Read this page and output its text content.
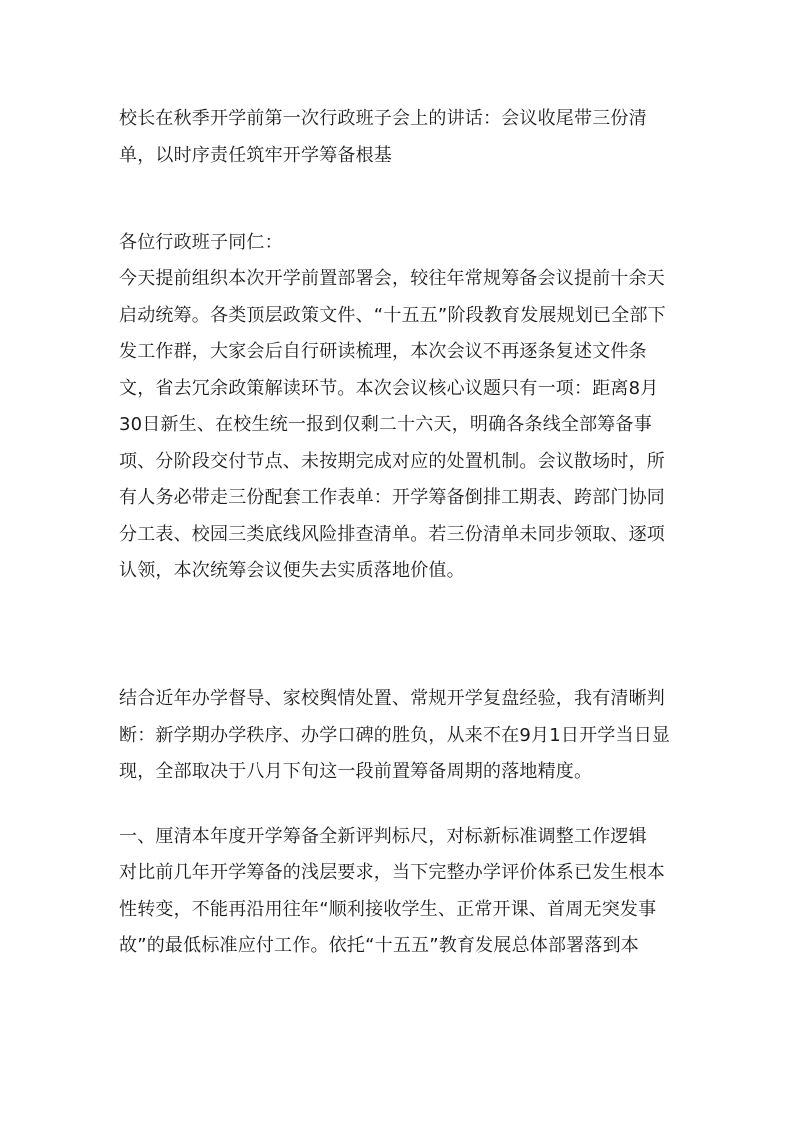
校长在秋季开学前第一次行政班子会上的讲话：会议收尾带三份清单，以时序责任筑牢开学筹备根基

各位行政班子同仁：

今天提前组织本次开学前置部署会，较往年常规筹备会议提前十余天启动统筹。各类顶层政策文件、“十五五”阶段教育发展规划已全部下发工作群，大家会后自行研读梳理，本次会议不再逐条复述文件条文，省去冗余政策解读环节。本次会议核心议题只有一项：距离8月30日新生、在校生统一报到仅剩二十六天，明确各条线全部筹备事项、分阶段交付节点、未按期完成对应的处置机制。会议散场时，所有人务必带走三份配套工作表单：开学筹备倒排工期表、跨部门协同分工表、校园三类底线风险排查清单。若三份清单未同步领取、逐项认领，本次统筹会议便失去实质落地价值。

结合近年办学督导、家校舆情处置、常规开学复盘经验，我有清晰判断：新学期办学秩序、办学口碑的胜负，从来不在9月1日开学当日显现，全部取决于八月下旬这一段前置筹备周期的落地精度。

一、厘清本年度开学筹备全新评判标尺，对标新标准调整工作逻辑

对比前几年开学筹备的浅层要求，当下完整办学评价体系已发生根本性转变，不能再沿用往年“顺利接收学生、正常开课、首周无突发事故”的最低标准应付工作。依托“十五五”教育发展总体部署落到本
